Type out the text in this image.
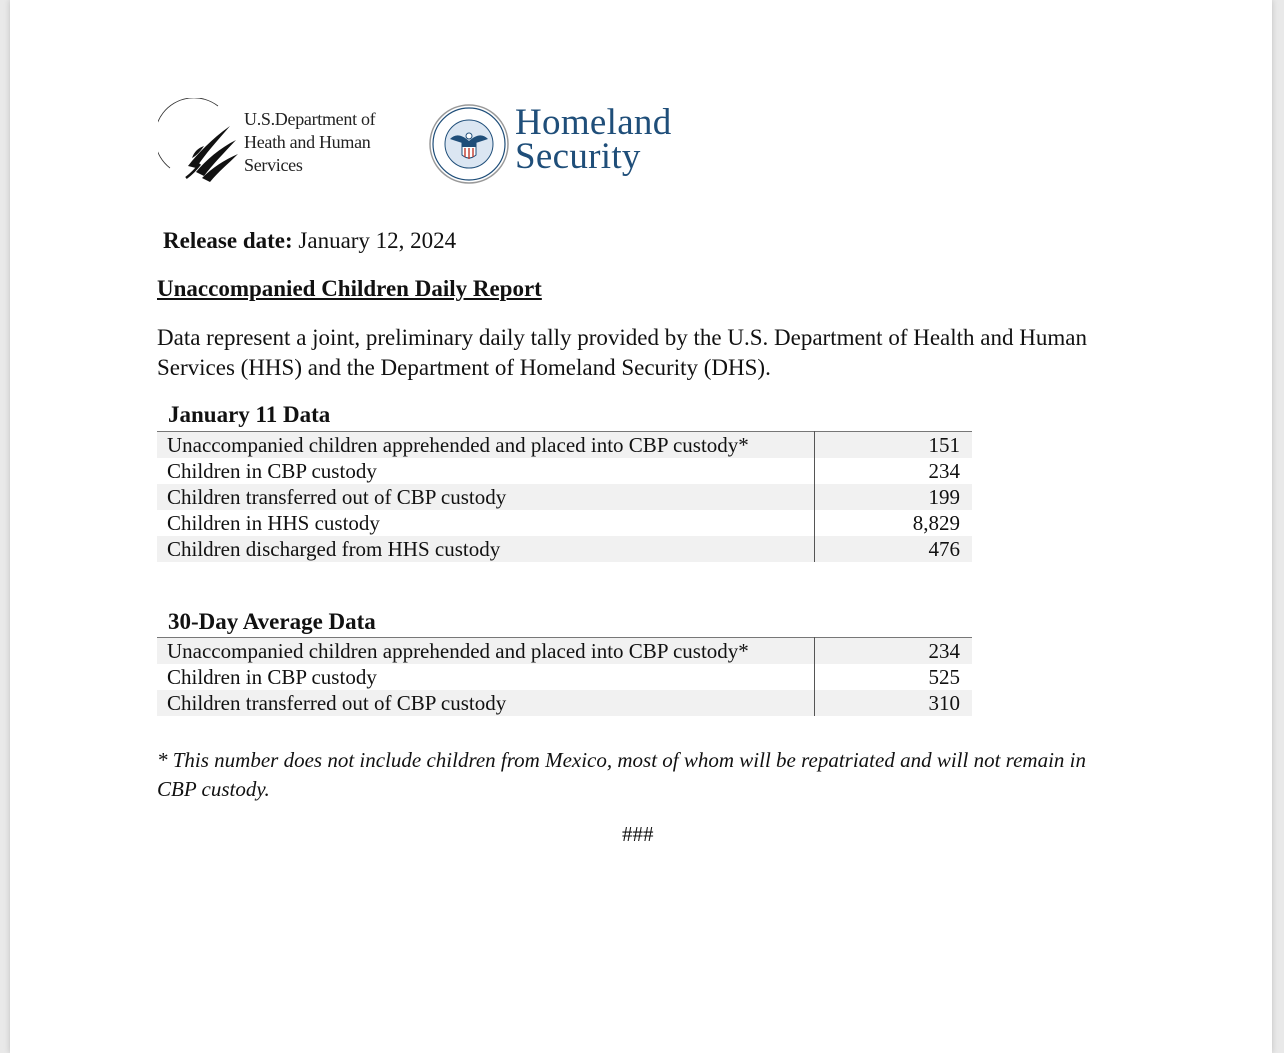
U.S.Department of
Heath and Human
Services
Homeland
Security
Release date: January 12, 2024
Unaccompanied Children Daily Report
Data represent a joint, preliminary daily tally provided by the U.S. Department of Health and Human Services (HHS) and the Department of Homeland Security (DHS).
January 11 Data
Unaccompanied children apprehended and placed into CBP custody*	151
Children in CBP custody	234
Children transferred out of CBP custody	199
Children in HHS custody	8,829
Children discharged from HHS custody	476
30-Day Average Data
Unaccompanied children apprehended and placed into CBP custody*	234
Children in CBP custody	525
Children transferred out of CBP custody	310
* This number does not include children from Mexico, most of whom will be repatriated and will not remain in CBP custody.
###
